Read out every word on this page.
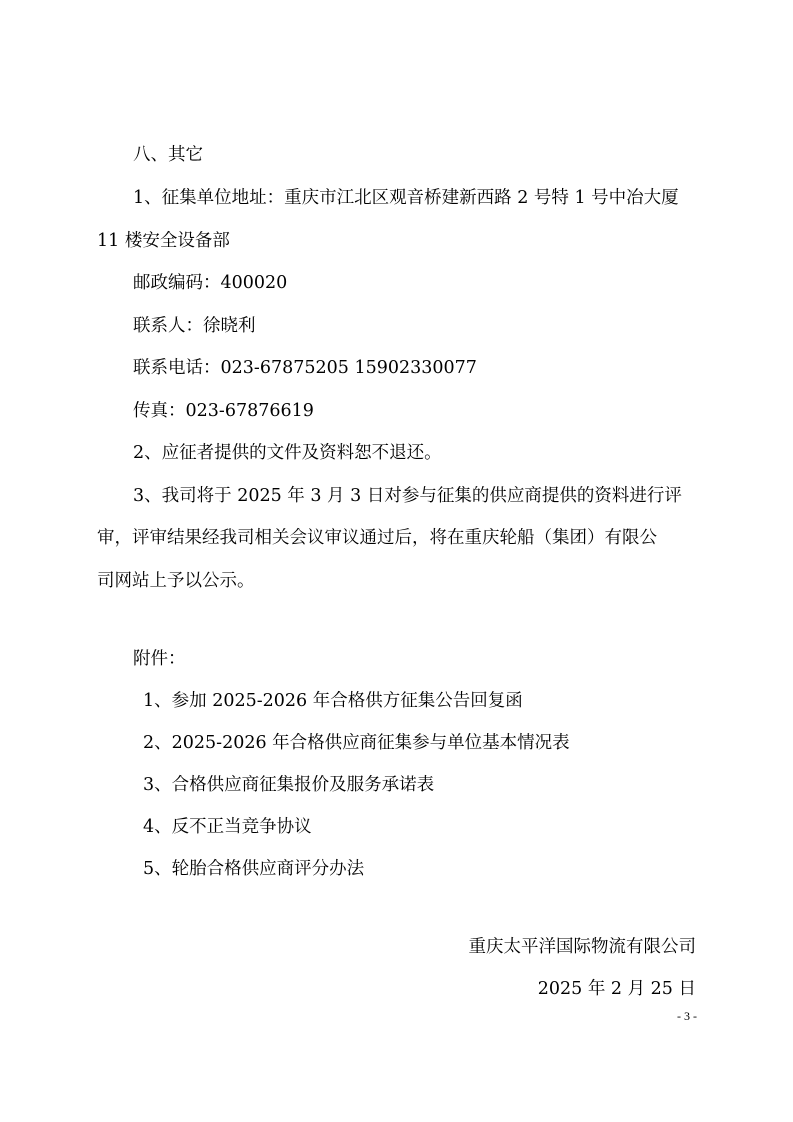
八、其它
1、征集单位地址：重庆市江北区观音桥建新西路 2 号特 1 号中冶大厦
11 楼安全设备部
邮政编码：400020
联系人：徐晓利
联系电话：023-67875205 15902330077
传真：023-67876619
2、应征者提供的文件及资料恕不退还。
3、我司将于 2025 年 3 月 3 日对参与征集的供应商提供的资料进行评
审，评审结果经我司相关会议审议通过后，将在重庆轮船（集团）有限公
司网站上予以公示。
附件：
1、参加 2025-2026 年合格供方征集公告回复函
2、2025-2026 年合格供应商征集参与单位基本情况表
3、合格供应商征集报价及服务承诺表
4、反不正当竞争协议
5、轮胎合格供应商评分办法
重庆太平洋国际物流有限公司
2025 年 2 月 25 日
- 3 -
